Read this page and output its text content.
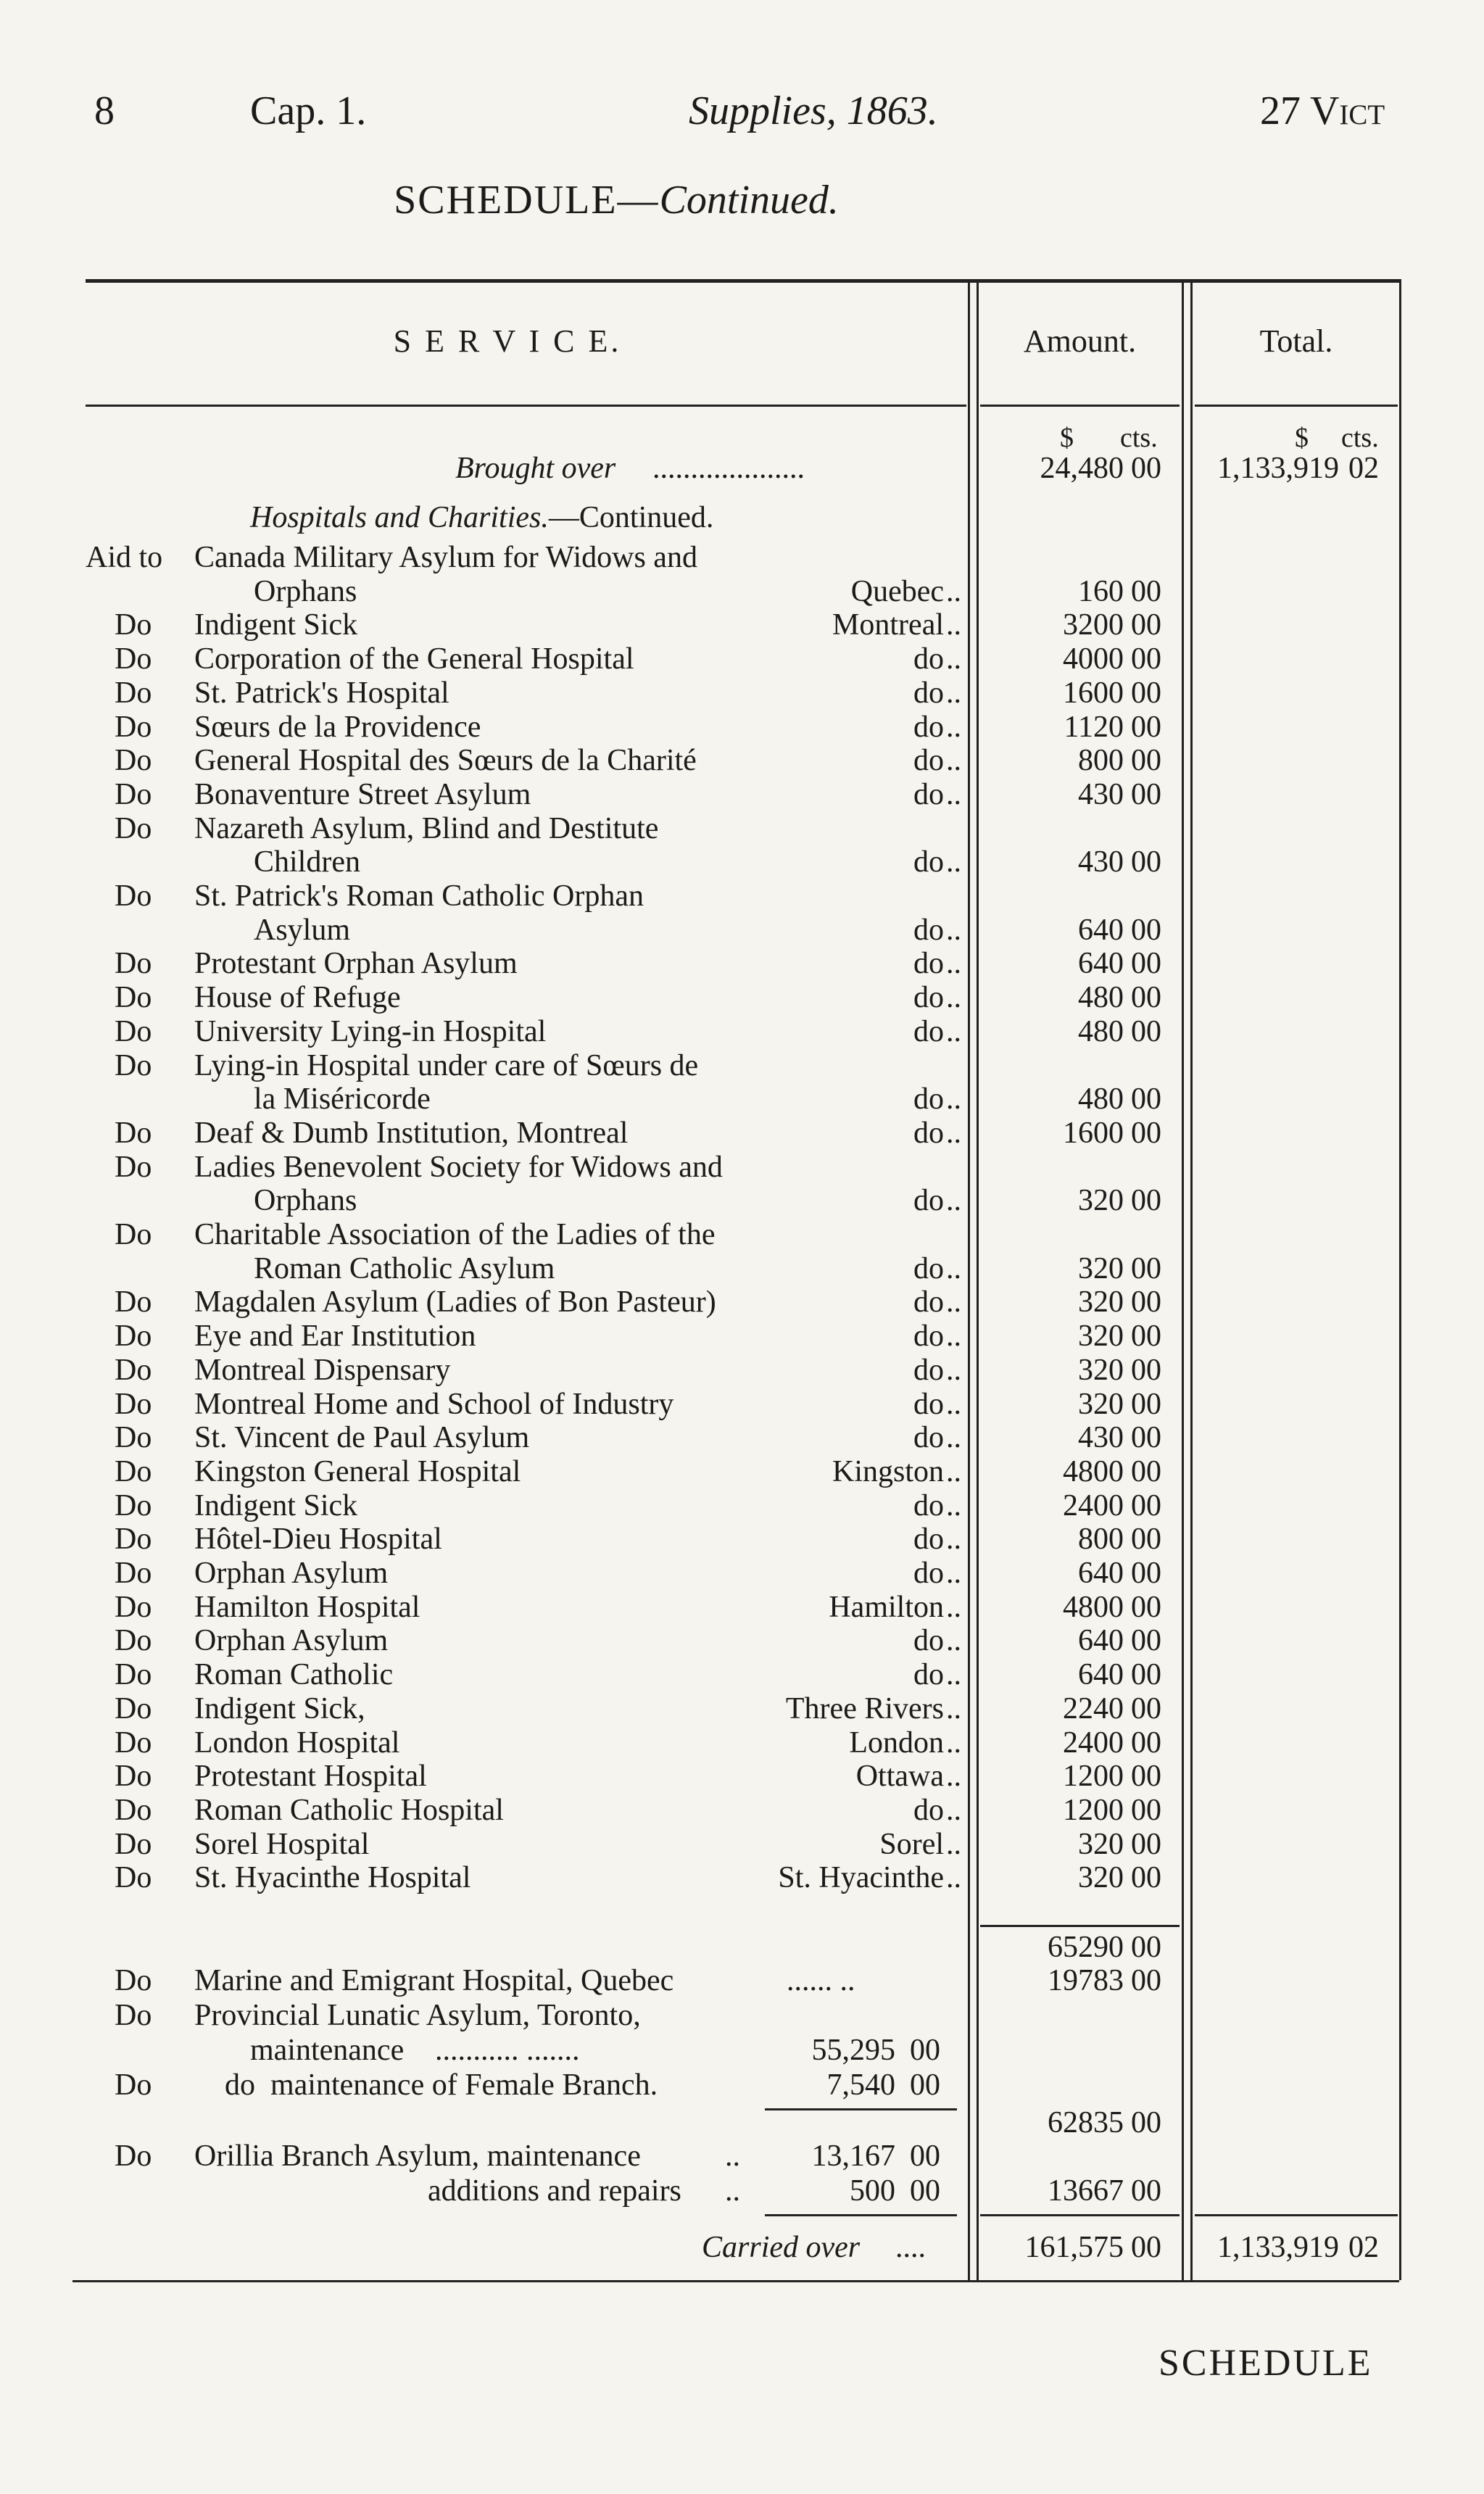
8	Cap. 1.	Supplies, 1863.	27 Vict
SCHEDULE—Continued.
S E R V I C E.	Amount.	Total.
$ cts.	$ cts.
Brought over ....................	24,480 00 1,133,919 02
Hospitals and Charities.—Continued.
Aid to Canada Military Asylum for Widows and
Orphans	Quebec ..	160 00
Do Indigent Sick	Montreal ..	3200 00
Do Corporation of the General Hospital	do ..	4000 00
Do St. Patrick's Hospital	do ..	1600 00
Do Sœurs de la Providence	do ..	1120 00
Do General Hospital des Sœurs de la Charité	do ..	800 00
Do Bonaventure Street Asylum	do ..	430 00
Do Nazareth Asylum, Blind and Destitute
Children	do ..	430 00
Do St. Patrick's Roman Catholic Orphan
Asylum	do ..	640 00
Do Protestant Orphan Asylum	do ..	640 00
Do House of Refuge	do ..	480 00
Do University Lying-in Hospital	do ..	480 00
Do Lying-in Hospital under care of Sœurs de
la Miséricorde	do ..	480 00
Do Deaf & Dumb Institution, Montreal	do ..	1600 00
Do Ladies Benevolent Society for Widows and
Orphans	do ..	320 00
Do Charitable Association of the Ladies of the
Roman Catholic Asylum	do ..	320 00
Do Magdalen Asylum (Ladies of Bon Pasteur)	do ..	320 00
Do Eye and Ear Institution	do ..	320 00
Do Montreal Dispensary	do ..	320 00
Do Montreal Home and School of Industry	do ..	320 00
Do St. Vincent de Paul Asylum	do ..	430 00
Do Kingston General Hospital	Kingston ..	4800 00
Do Indigent Sick	do ..	2400 00
Do Hôtel-Dieu Hospital	do ..	800 00
Do Orphan Asylum	do ..	640 00
Do Hamilton Hospital	Hamilton ..	4800 00
Do Orphan Asylum	do ..	640 00
Do Roman Catholic	do ..	640 00
Do Indigent Sick,	Three Rivers ..	2240 00
Do London Hospital	London ..	2400 00
Do Protestant Hospital	Ottawa ..	1200 00
Do Roman Catholic Hospital	do ..	1200 00
Do Sorel Hospital	Sorel ..	320 00
Do St. Hyacinthe Hospital	St. Hyacinthe ..	320 00
65290 00
Do Marine and Emigrant Hospital, Quebec	...... ..	19783 00
Do Provincial Lunatic Asylum, Toronto,
maintenance ........... .......	55,295 00
Do do  maintenance of Female Branch.	7,540 00
62835 00
Do Orillia Branch Asylum, maintenance	.. 13,167 00
additions and repairs ..	500 00	13667 00
Carried over ....	161,575 00 1,133,919 02
SCHEDULE
